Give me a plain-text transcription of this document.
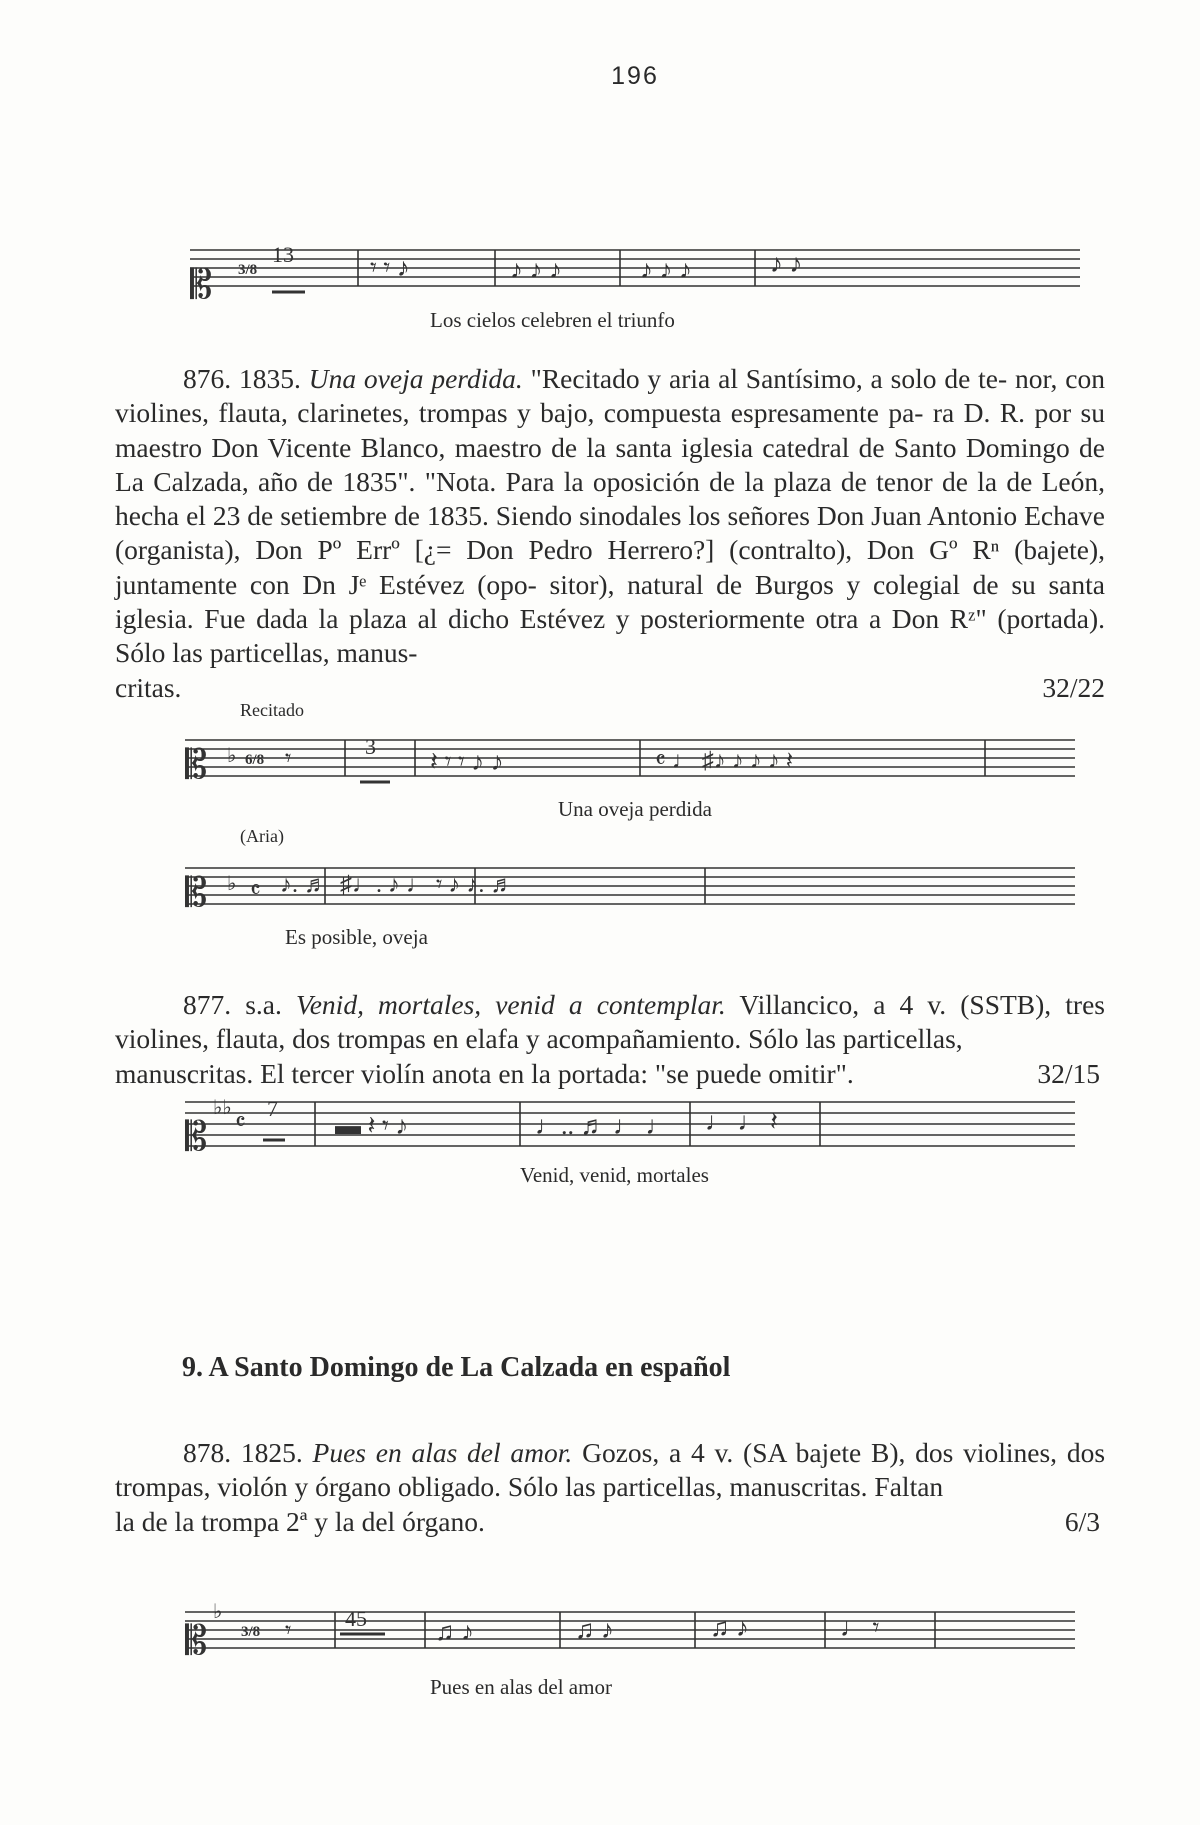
196
𝄡 3/8
13	𝄾 𝄾 ♪	♪ ♪ ♪	♪ ♪ ♪	♪ ♪
Los cielos celebren el triunfo
876. 1835. Una oveja perdida. "Recitado y aria al Santísimo, a solo de te- nor, con violines, flauta, clarinetes, trompas y bajo, compuesta espresamente pa- ra D. R. por su maestro Don Vicente Blanco, maestro de la santa iglesia catedral de Santo Domingo de La Calzada, año de 1835". "Nota. Para la oposición de la plaza de tenor de la de León, hecha el 23 de setiembre de 1835. Siendo sinodales los señores Don Juan Antonio Echave (organista), Don Pº Errº [¿= Don Pedro Herrero?] (contralto), Don Gº Rⁿ (bajete), juntamente con Dn Jᵉ Estévez (opo- sitor), natural de Burgos y colegial de su santa iglesia. Fue dada la plaza al dicho Estévez y posteriormente otra a Don Rᶻ" (portada). Sólo las particellas, manus-
critas.	32/22
Recitado
𝄡 ♭ 6/8 𝄾	3
𝄽 𝄾 𝄾 ♪ ♪	𝄴 ♩ ♯♪ ♪ ♪ ♪ 𝄽
Una oveja perdida
(Aria)
𝄡 ♭ 𝄴 ♪. ♬ ♯♩. ♪ ♩ 𝄾 ♪ ♪. ♬
Es posible, oveja
877. s.a. Venid, mortales, venid a contemplar. Villancico, a 4 v. (SSTB), tres violines, flauta, dos trompas en elafa y acompañamiento. Sólo las particellas,
manuscritas. El tercer violín anota en la portada: "se puede omitir".	32/15
𝄡
♭♭
𝄴
7
▬ 𝄽 𝄾 ♪	♩.. ♬ ♩ ♩ ♩ ♩ 𝄽
Venid, venid, mortales
9. A Santo Domingo de La Calzada en español
878. 1825. Pues en alas del amor. Gozos, a 4 v. (SA bajete B), dos violines, dos trompas, violón y órgano obligado. Sólo las particellas, manuscritas. Faltan
la de la trompa 2ª y la del órgano.	6/3
𝄡
♭
3/8 𝄾 45	♫ ♪	♫ ♪	♫ ♪	♩ 𝄾
Pues en alas del amor
